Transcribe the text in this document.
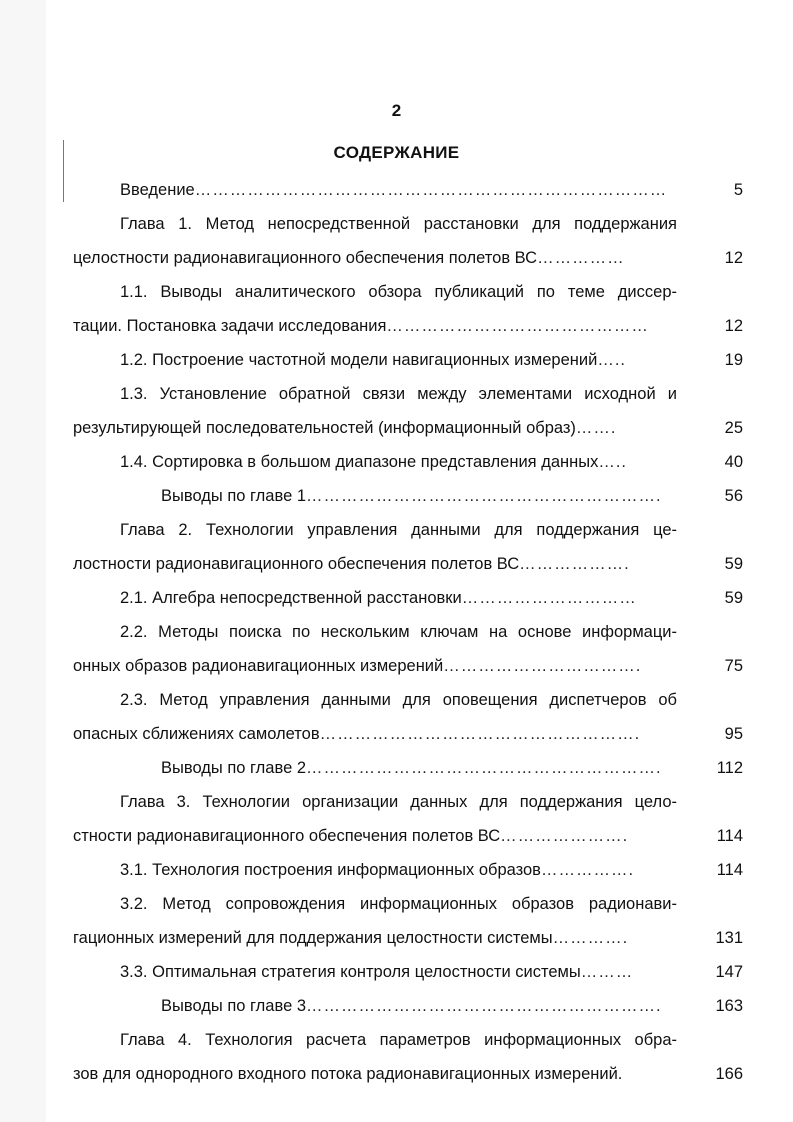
2
СОДЕРЖАНИЕ
Введение………………………………………………………………………	5
Глава 1. Метод непосредственной расстановки для поддержания
целостности радионавигационного обеспечения полетов ВС……………	12
1.1. Выводы аналитического обзора публикаций по теме диссер-
тации. Постановка задачи исследования………………………………………	12
1.2. Построение частотной модели навигационных измерений…..	19
1.3. Установление обратной связи между элементами исходной и
результирующей последовательностей (информационный образ)…….	25
1.4. Сортировка в большом диапазоне представления данных…..	40
Выводы по главе 1…………………………………………………….	56
Глава 2. Технологии управления данными для поддержания це-
лостности радионавигационного обеспечения полетов ВС……………….	59
2.1. Алгебра непосредственной расстановки…………………………	59
2.2. Методы поиска по нескольким ключам на основе информаци-
онных образов радионавигационных измерений…………………………….	75
2.3. Метод управления данными для оповещения диспетчеров об
опасных сближениях самолетов……………………………………………….	95
Выводы по главе 2…………………………………………………….	112
Глава 3. Технологии организации данных для поддержания цело-
стности радионавигационного обеспечения полетов ВС………………….	114
3.1. Технология построения информационных образов…………….	114
3.2. Метод сопровождения информационных образов радионави-
гационных измерений для поддержания целостности системы………….	131
3.3. Оптимальная стратегия контроля целостности системы………	147
Выводы по главе 3…………………………………………………….	163
Глава 4. Технология расчета параметров информационных обра-
зов для однородного входного потока радионавигационных измерений.	166
